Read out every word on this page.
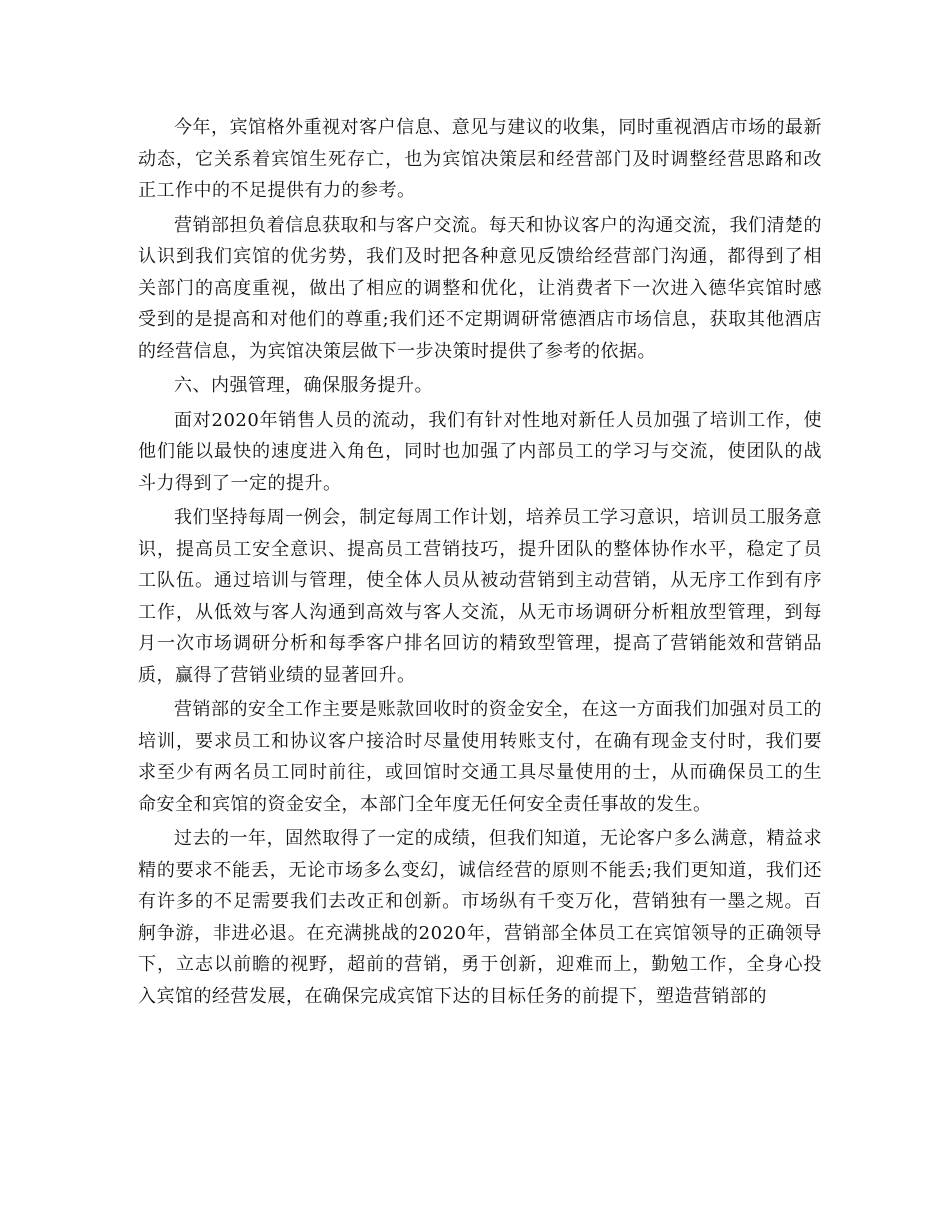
今年，宾馆格外重视对客户信息、意见与建议的收集，同时重视酒店市场的最新动态，它关系着宾馆生死存亡，也为宾馆决策层和经营部门及时调整经营思路和改正工作中的不足提供有力的参考。

营销部担负着信息获取和与客户交流。每天和协议客户的沟通交流，我们清楚的认识到我们宾馆的优劣势，我们及时把各种意见反馈给经营部门沟通，都得到了相关部门的高度重视，做出了相应的调整和优化，让消费者下一次进入德华宾馆时感受到的是提高和对他们的尊重;我们还不定期调研常德酒店市场信息，获取其他酒店的经营信息，为宾馆决策层做下一步决策时提供了参考的依据。

六、内强管理，确保服务提升。

面对2020年销售人员的流动，我们有针对性地对新任人员加强了培训工作，使他们能以最快的速度进入角色，同时也加强了内部员工的学习与交流，使团队的战斗力得到了一定的提升。

我们坚持每周一例会，制定每周工作计划，培养员工学习意识，培训员工服务意识，提高员工安全意识、提高员工营销技巧，提升团队的整体协作水平，稳定了员工队伍。通过培训与管理，使全体人员从被动营销到主动营销，从无序工作到有序工作，从低效与客人沟通到高效与客人交流，从无市场调研分析粗放型管理，到每月一次市场调研分析和每季客户排名回访的精致型管理，提高了营销能效和营销品质，赢得了营销业绩的显著回升。

营销部的安全工作主要是账款回收时的资金安全，在这一方面我们加强对员工的培训，要求员工和协议客户接洽时尽量使用转账支付，在确有现金支付时，我们要求至少有两名员工同时前往，或回馆时交通工具尽量使用的士，从而确保员工的生命安全和宾馆的资金安全，本部门全年度无任何安全责任事故的发生。

过去的一年，固然取得了一定的成绩，但我们知道，无论客户多么满意，精益求精的要求不能丢，无论市场多么变幻，诚信经营的原则不能丢;我们更知道，我们还有许多的不足需要我们去改正和创新。市场纵有千变万化，营销独有一墨之规。百舸争游，非进必退。在充满挑战的2020年，营销部全体员工在宾馆领导的正确领导下，立志以前瞻的视野，超前的营销，勇于创新，迎难而上，勤勉工作，全身心投入宾馆的经营发展，在确保完成宾馆下达的目标任务的前提下，塑造营销部的
